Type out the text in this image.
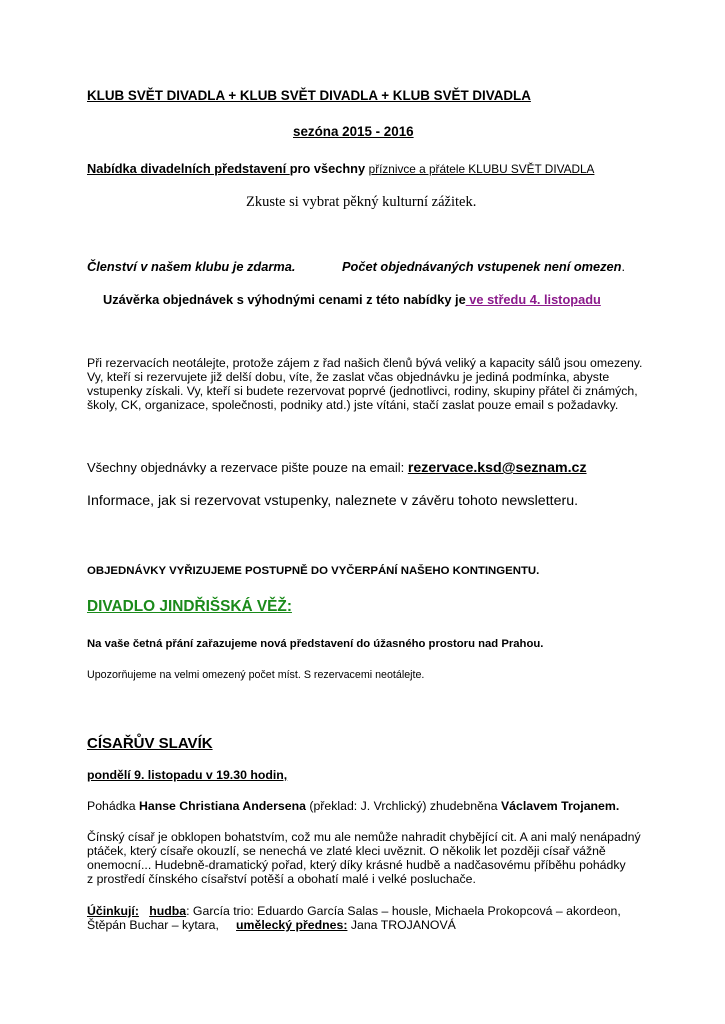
KLUB SVĚT DIVADLA + KLUB SVĚT DIVADLA + KLUB SVĚT DIVADLA
sezóna 2015 - 2016
Nabídka divadelních představení pro všechny příznivce a přátele KLUBU SVĚT DIVADLA
Zkuste si vybrat pěkný kulturní zážitek.
Členství v našem klubu je zdarma.	Počet objednávaných vstupenek není omezen.
Uzávěrka objednávek s výhodnými cenami z této nabídky je ve středu 4. listopadu
Při rezervacích neotálejte, protože zájem z řad našich členů bývá veliký a kapacity sálů jsou omezeny.
Vy, kteří si rezervujete již delší dobu, víte, že zaslat včas objednávku je jediná podmínka, abyste
vstupenky získali. Vy, kteří si budete rezervovat poprvé (jednotlivci, rodiny, skupiny přátel či známých,
školy, CK, organizace, společnosti, podniky atd.) jste vítáni, stačí zaslat pouze email s požadavky.
Všechny objednávky a rezervace pište pouze na email: rezervace.ksd@seznam.cz
Informace, jak si rezervovat vstupenky, naleznete v závěru tohoto newsletteru.
OBJEDNÁVKY VYŘIZUJEME POSTUPNĚ DO VYČERPÁNÍ NAŠEHO KONTINGENTU.
DIVADLO JINDŘIŠSKÁ VĚŽ:
Na vaše četná přání zařazujeme nová představení do úžasného prostoru nad Prahou.
Upozorňujeme na velmi omezený počet míst. S rezervacemi neotálejte.
CÍSAŘŮV SLAVÍK
pondělí 9. listopadu v 19.30 hodin,
Pohádka Hanse Christiana Andersena (překlad: J. Vrchlický) zhudebněna Václavem Trojanem.
Čínský císař je obklopen bohatstvím, což mu ale nemůže nahradit chybějící cit. A ani malý nenápadný
ptáček, který císaře okouzlí, se nenechá ve zlaté kleci uvěznit. O několik let později císař vážně
onemocní... Hudebně-dramatický pořad, který díky krásné hudbě a nadčasovému příběhu pohádky
z prostředí čínského císařství potěší a obohatí malé i velké posluchače.
Účinkují: hudba: García trio: Eduardo García Salas – housle, Michaela Prokopcová – akordeon,
Štěpán Buchar – kytara, umělecký přednes: Jana TROJANOVÁ
